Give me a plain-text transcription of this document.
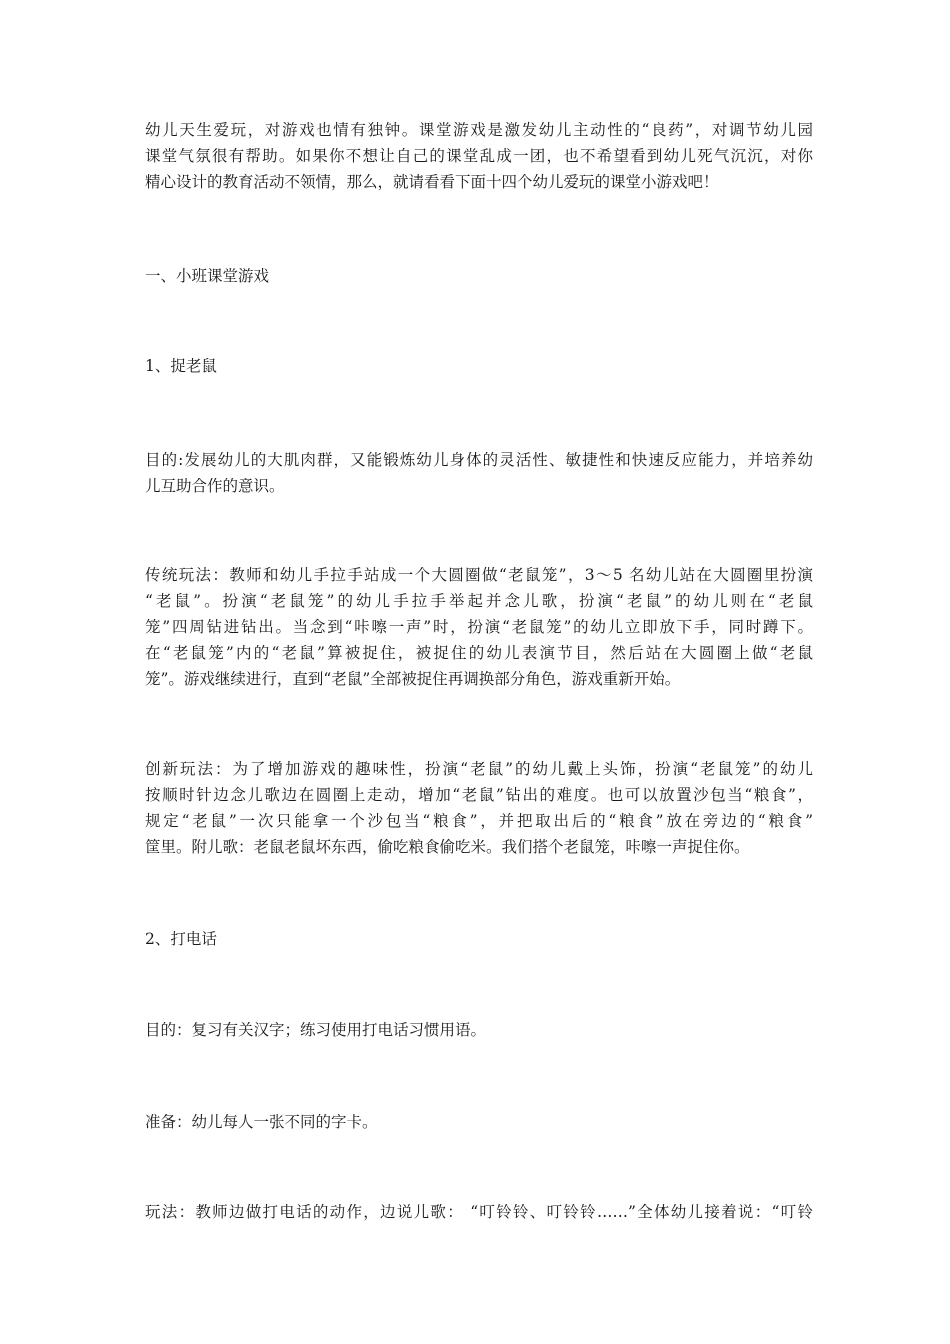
幼儿天生爱玩，对游戏也情有独钟。课堂游戏是激发幼儿主动性的“良药”，对调节幼儿园
课堂气氛很有帮助。如果你不想让自己的课堂乱成一团，也不希望看到幼儿死气沉沉，对你
精心设计的教育活动不领情，那么，就请看看下面十四个幼儿爱玩的课堂小游戏吧！
一、小班课堂游戏
1、捉老鼠
目的:发展幼儿的大肌肉群，又能锻炼幼儿身体的灵活性、敏捷性和快速反应能力，并培养幼
儿互助合作的意识。
传统玩法：教师和幼儿手拉手站成一个大圆圈做“老鼠笼”，3～5 名幼儿站在大圆圈里扮演
“老鼠”。扮演“老鼠笼”的幼儿手拉手举起并念儿歌，扮演“老鼠”的幼儿则在“老鼠
笼”四周钻进钻出。当念到“咔嚓一声”时，扮演“老鼠笼”的幼儿立即放下手，同时蹲下。
在“老鼠笼”内的“老鼠”算被捉住，被捉住的幼儿表演节目，然后站在大圆圈上做“老鼠
笼”。游戏继续进行，直到“老鼠”全部被捉住再调换部分角色，游戏重新开始。
创新玩法：为了增加游戏的趣味性，扮演“老鼠”的幼儿戴上头饰，扮演“老鼠笼”的幼儿
按顺时针边念儿歌边在圆圈上走动，增加“老鼠”钻出的难度。也可以放置沙包当“粮食”，
规定“老鼠”一次只能拿一个沙包当“粮食”，并把取出后的“粮食”放在旁边的“粮食”
筐里。附儿歌：老鼠老鼠坏东西，偷吃粮食偷吃米。我们搭个老鼠笼，咔嚓一声捉住你。
2、打电话
目的：复习有关汉字；练习使用打电话习惯用语。
准备：幼儿每人一张不同的字卡。
玩法：教师边做打电话的动作，边说儿歌： “叮铃铃、叮铃铃……”全体幼儿接着说：“叮铃
